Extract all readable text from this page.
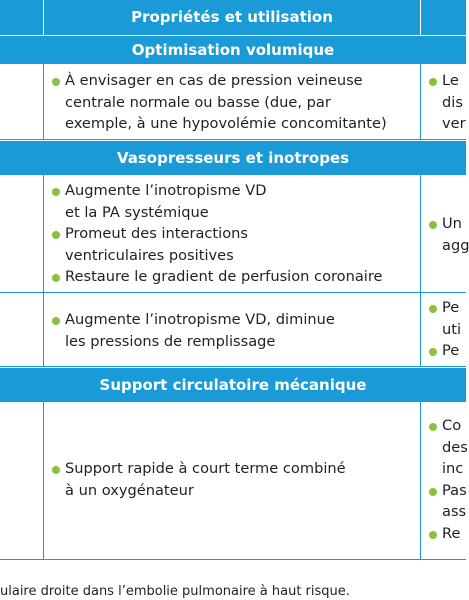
Propriétés et utilisation
Optimisation volumique
À envisager en cas de pression veineuse
centrale normale ou basse (due, par
exemple, à une hypovolémie concomitante)
Le
dis
ver
Vasopresseurs et inotropes
Augmente l’inotropisme VD
et la PA systémique
Promeut des interactions
ventriculaires positives
Restaure le gradient de perfusion coronaire
Un
agg
Augmente l’inotropisme VD, diminue
les pressions de remplissage
Pe
uti
Pe
Support circulatoire mécanique
Support rapide à court terme combiné
à un oxygénateur
Co
des
inc
Pas
ass
Re
ulaire droite dans l’embolie pulmonaire à haut risque.
